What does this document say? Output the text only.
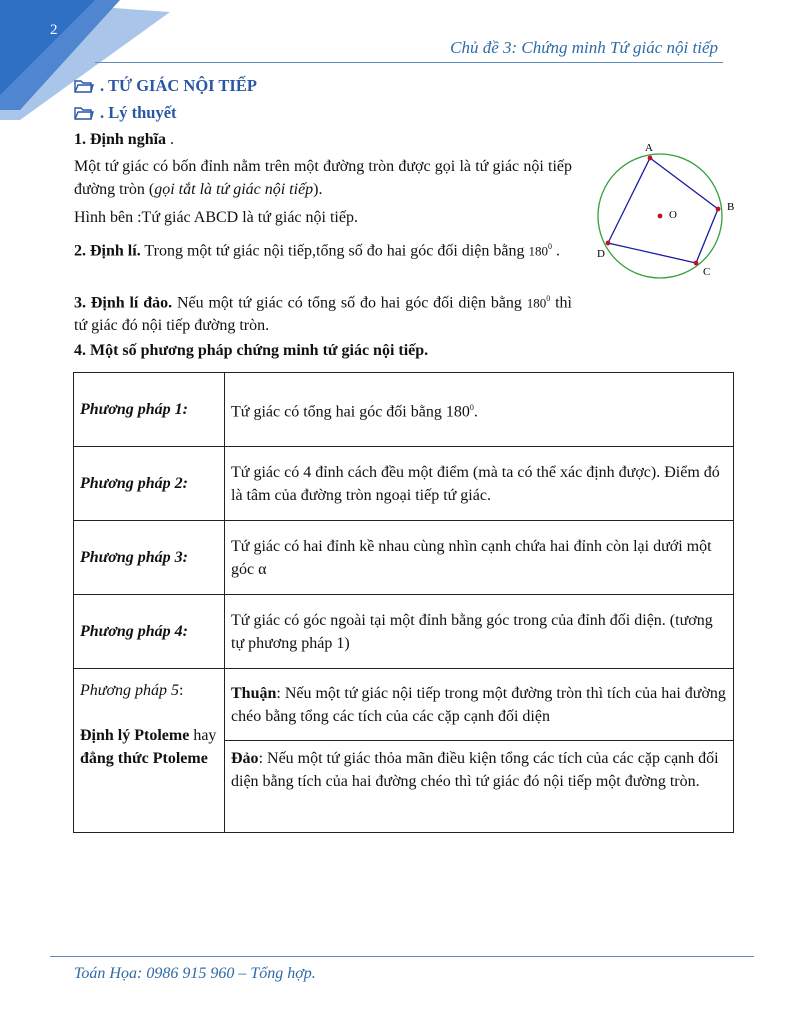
2
Chủ đề 3: Chứng minh Tứ giác nội tiếp
. TỨ GIÁC NỘI TIẾP
. Lý thuyết
1. Định nghĩa .
Một tứ giác có bốn đỉnh nằm trên một đường tròn được gọi là tứ giác nội tiếp đường tròn (gọi tắt là tứ giác nội tiếp).
Hình bên :Tứ giác ABCD là tứ giác nội tiếp.
2. Định lí. Trong một tứ giác nội tiếp,tổng số đo hai góc đối diện bằng $180^0$ .
3. Định lí đảo. Nếu một tứ giác có tổng số đo hai góc đối diện bằng $180^0$ thì tứ giác đó nội tiếp đường tròn.
4. Một số phương pháp chứng minh tứ giác nội tiếp.
A
B
C
D
O
Phương pháp 1:	Tứ giác có tổng hai góc đối bằng $180^0$.
Phương pháp 2:	Tứ giác có 4 đỉnh cách đều một điểm (mà ta có thể xác định được). Điểm đó là tâm của đường tròn ngoại tiếp tứ giác.
Phương pháp 3:	Tứ giác có hai đỉnh kề nhau cùng nhìn cạnh chứa hai đỉnh còn lại dưới một góc α
Phương pháp 4:	Tứ giác có góc ngoài tại một đỉnh bằng góc trong của đỉnh đối diện. (tương tự phương pháp 1)

Phương pháp 5:
Định lý Ptoleme hay đẳng thức Ptoleme	Thuận: Nếu một tứ giác nội tiếp trong một đường tròn thì tích của hai đường chéo bằng tổng các tích của các cặp cạnh đối diện
	Đảo: Nếu một tứ giác thỏa mãn điều kiện tổng các tích của các cặp cạnh đối diện bằng tích của hai đường chéo thì tứ giác đó nội tiếp một đường tròn.
Toán Họa: 0986 915 960 – Tổng hợp.
